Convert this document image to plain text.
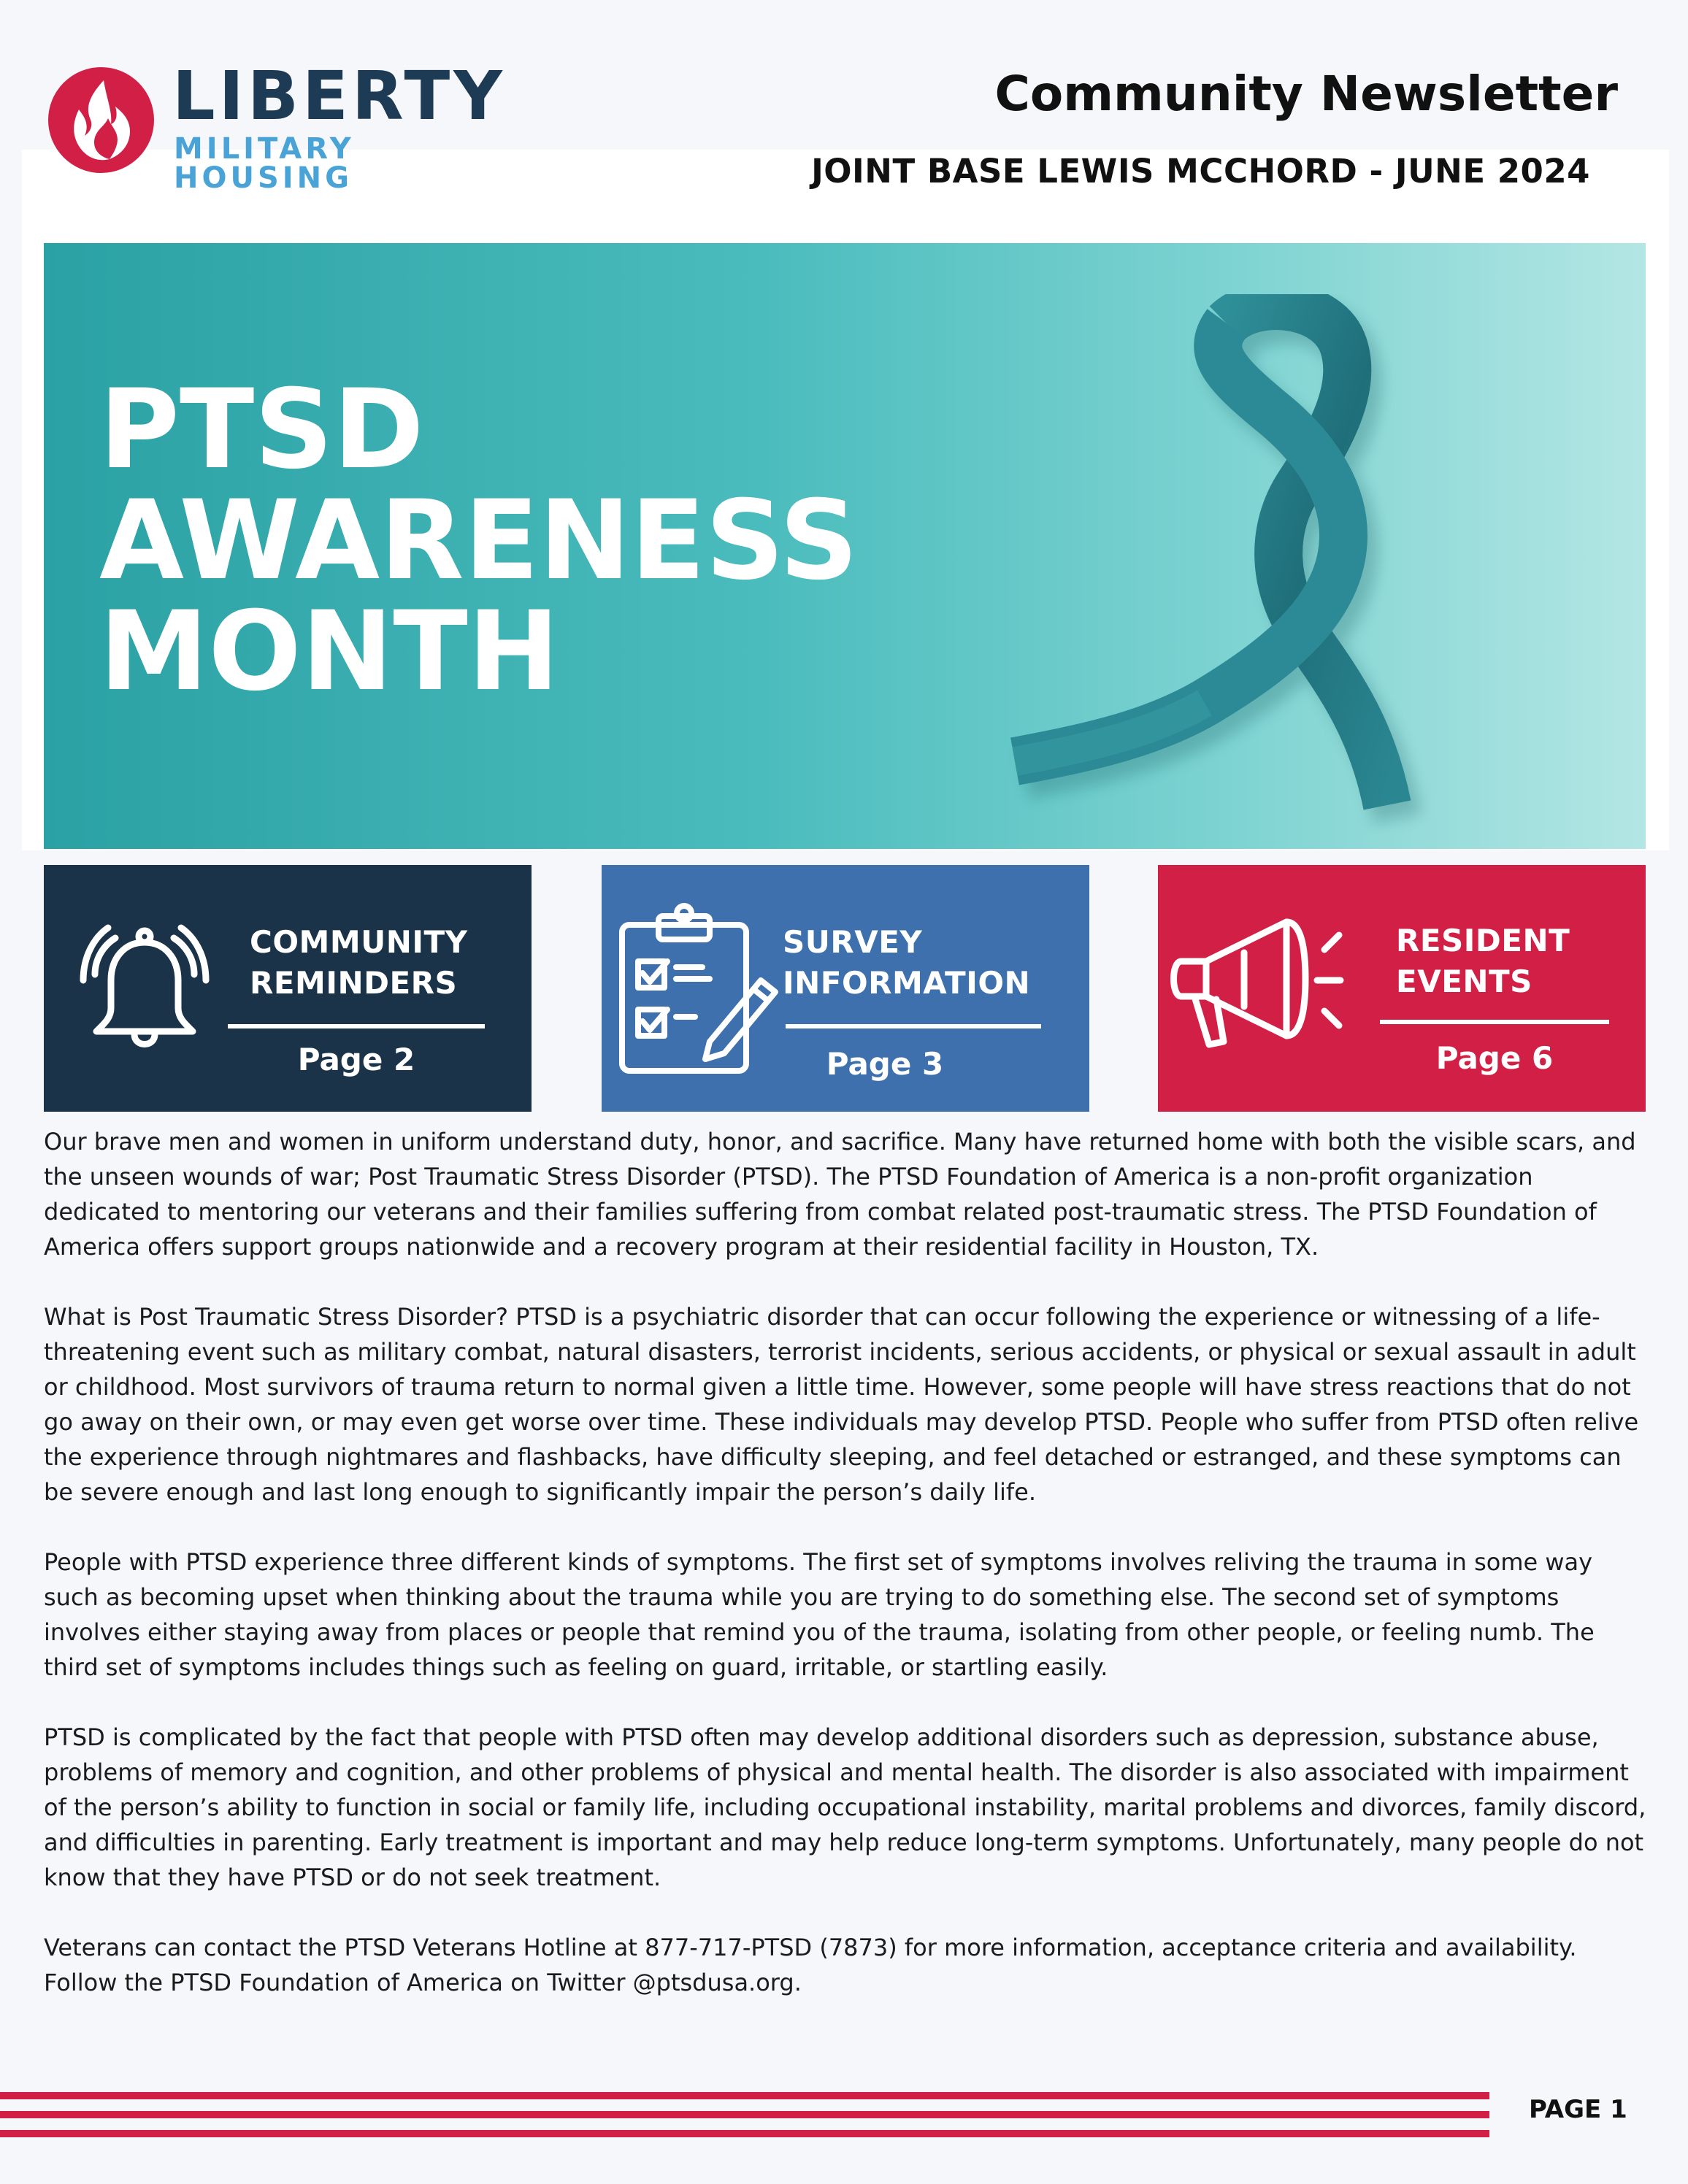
LIBERTY
MILITARY HOUSING
Community Newsletter
JOINT BASE LEWIS MCCHORD - JUNE 2024
PTSD
AWARENESS
MONTH
COMMUNITY
REMINDERS
Page 2
SURVEY
INFORMATION
Page 3
RESIDENT
EVENTS
Page 6

Our brave men and women in uniform understand duty, honor, and sacrifice. Many have returned home with both the visible scars, and the unseen wounds of war; Post Traumatic Stress Disorder (PTSD). The PTSD Foundation of America is a non-profit organization dedicated to mentoring our veterans and their families suffering from combat related post-traumatic stress. The PTSD Foundation of America offers support groups nationwide and a recovery program at their residential facility in Houston, TX.

What is Post Traumatic Stress Disorder? PTSD is a psychiatric disorder that can occur following the experience or witnessing of a life-threatening event such as military combat, natural disasters, terrorist incidents, serious accidents, or physical or sexual assault in adult or childhood. Most survivors of trauma return to normal given a little time. However, some people will have stress reactions that do not go away on their own, or may even get worse over time. These individuals may develop PTSD. People who suffer from PTSD often relive the experience through nightmares and flashbacks, have difficulty sleeping, and feel detached or estranged, and these symptoms can be severe enough and last long enough to significantly impair the person’s daily life.

People with PTSD experience three different kinds of symptoms. The first set of symptoms involves reliving the trauma in some way such as becoming upset when thinking about the trauma while you are trying to do something else. The second set of symptoms involves either staying away from places or people that remind you of the trauma, isolating from other people, or feeling numb. The third set of symptoms includes things such as feeling on guard, irritable, or startling easily.

PTSD is complicated by the fact that people with PTSD often may develop additional disorders such as depression, substance abuse, problems of memory and cognition, and other problems of physical and mental health. The disorder is also associated with impairment of the person’s ability to function in social or family life, including occupational instability, marital problems and divorces, family discord, and difficulties in parenting. Early treatment is important and may help reduce long-term symptoms. Unfortunately, many people do not know that they have PTSD or do not seek treatment.

Veterans can contact the PTSD Veterans Hotline at 877-717-PTSD (7873) for more information, acceptance criteria and availability. Follow the PTSD Foundation of America on Twitter @ptsdusa.org.

PAGE 1
